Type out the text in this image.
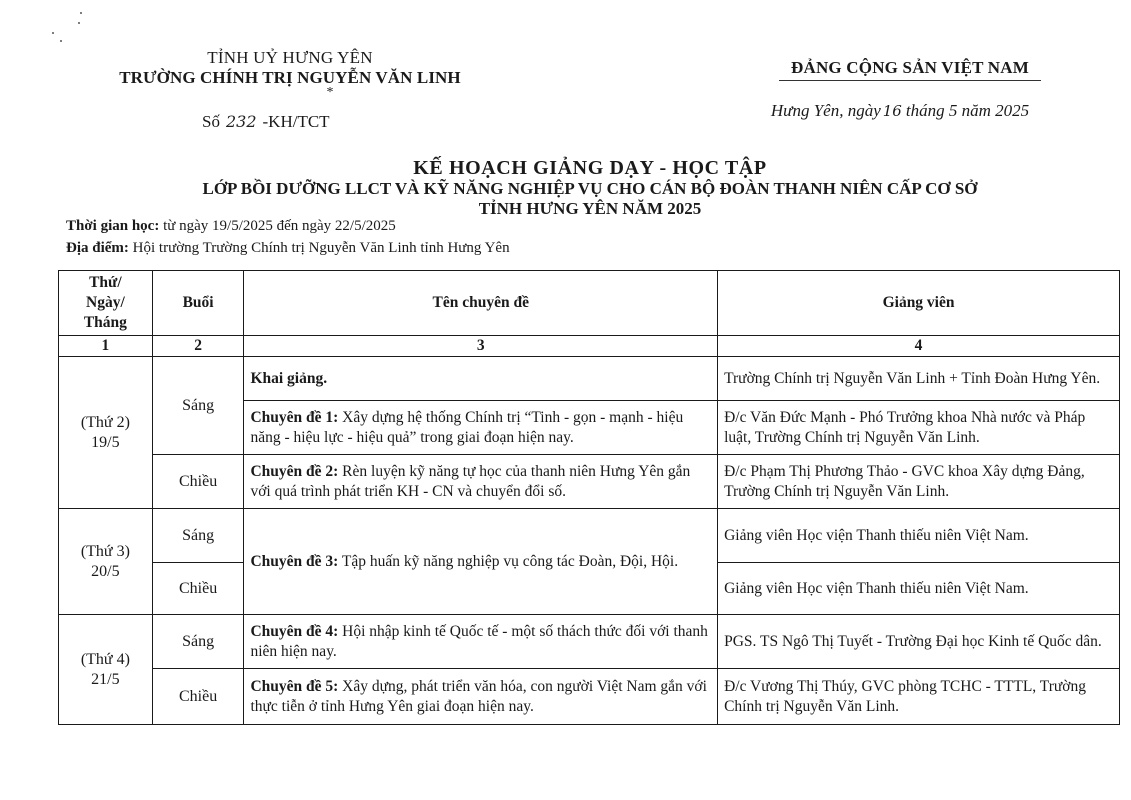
TỈNH UỶ HƯNG YÊN
TRƯỜNG CHÍNH TRỊ NGUYỄN VĂN LINH
*
Số 232 -KH/TCT
ĐẢNG CỘNG SẢN VIỆT NAM
Hưng Yên, ngày 16 tháng 5 năm 2025
KẾ HOẠCH GIẢNG DẠY - HỌC TẬP
LỚP BỒI DƯỠNG LLCT VÀ KỸ NĂNG NGHIỆP VỤ CHO CÁN BỘ ĐOÀN THANH NIÊN CẤP CƠ SỞ
TỈNH HƯNG YÊN NĂM 2025
Thời gian học: từ ngày 19/5/2025 đến ngày 22/5/2025
Địa điểm: Hội trường Trường Chính trị Nguyễn Văn Linh tỉnh Hưng Yên
Thứ/
Ngày/
Tháng	Buổi	Tên chuyên đề	Giảng viên
1	2	3	4

(Thứ 2)
19/5	Sáng	Khai giảng.	Trường Chính trị Nguyễn Văn Linh + Tỉnh Đoàn Hưng Yên.
		Chuyên đề 1: Xây dựng hệ thống Chính trị “Tinh - gọn - mạnh - hiệu năng - hiệu lực - hiệu quả” trong giai đoạn hiện nay.	Đ/c Văn Đức Mạnh - Phó Trưởng khoa Nhà nước và Pháp luật, Trường Chính trị Nguyễn Văn Linh.
	Chiều	Chuyên đề 2: Rèn luyện kỹ năng tự học của thanh niên Hưng Yên gắn với quá trình phát triển KH - CN và chuyển đổi số.	Đ/c Phạm Thị Phương Thảo - GVC khoa Xây dựng Đảng, Trường Chính trị Nguyễn Văn Linh.

(Thứ 3)
20/5	Sáng	Chuyên đề 3: Tập huấn kỹ năng nghiệp vụ công tác Đoàn, Đội, Hội.	Giảng viên Học viện Thanh thiếu niên Việt Nam.
	Chiều		Giảng viên Học viện Thanh thiếu niên Việt Nam.

(Thứ 4)
21/5	Sáng	Chuyên đề 4: Hội nhập kinh tế Quốc tế - một số thách thức đối với thanh niên hiện nay.	PGS. TS Ngô Thị Tuyết - Trường Đại học Kinh tế Quốc dân.
	Chiều	Chuyên đề 5: Xây dựng, phát triển văn hóa, con người Việt Nam gắn với thực tiễn ở tỉnh Hưng Yên giai đoạn hiện nay.	Đ/c Vương Thị Thúy, GVC phòng TCHC - TTTL, Trường Chính trị Nguyễn Văn Linh.
